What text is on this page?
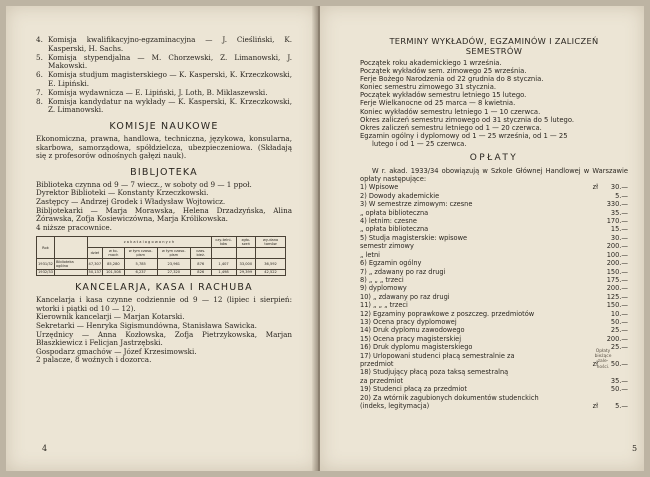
4. Komisja kwalifikacyjno-egzaminacyjna — J. Cieśliński, K. Kasperski, H. Sachs.
5. Komisja stypendjalna — M. Chorzewski, Z. Limanowski, J. Makowski.
6. Komisja studjum magisterskiego — K. Kasperski, K. Krzeczkowski, E. Lipiński.
7. Komisja wydawnicza — E. Lipiński, J. Loth, B. Miklaszewski.
8. Komisja kandydatur na wykłady — K. Kasperski, K. Krzeczkowski, Z. Limanowski.
KOMISJE NAUKOWE
Ekonomiczna, prawna, handlowa, techniczna, językowa, konsularna, skarbowa, samorządowa, spółdzielcza, ubezpieczeniowa. (Składają się z profesorów odnośnych gałęzi nauk).
BIBLJOTEKA
Biblioteka czynna od 9 — 7 wiecz., w soboty od 9 — 1 ppoł.
Dyrektor Biblioteki — Konstanty Krzeczkowski.
Zastępcy — Andrzej Grodek i Władysław Wojtowicz.
Bibljotekarki — Marja Morawska, Helena Drzadzyńska, Alina Żórawska, Zofja Kosiewiczówna, Marja Królikowska.
4 niższe pracownice.
Rok		z a k a t a l o g o w a n y c h					czy-telni-ków	zgło-szeń	wy-dano tomów
		dzieł	w to-mach	w tym czaso-pism	w tym czaso-pism	czas. bież.			
1931/32	Biblioteka ogólna	47,307	85,280	5,785	23,961	876	1,407	33,000	36,592
1932/33		50,137	101,508	6,237	27,320	826	1,498	29,399	42,522
KANCELARJA, KASA I RACHUBA
Kancelarja i kasa czynne codziennie od 9 — 12 (lipiec i sierpień: wtorki i piątki od 10 — 12).
Kierownik kancelarji — Marjan Kotarski.
Sekretarki — Henryka Sigismundówna, Stanisława Sawicka.
Urzędnicy — Anna Kozłowska, Zofja Pietrzykowska, Marjan Błaszkiewicz i Felicjan Jastrzębski.
Gospodarz gmachów — Józef Krzesimowski.
2 palacze, 8 woźnych i dozorca.
4
TERMINY WYKŁADÓW, EGZAMINÓW I ZALICZEŃ
SEMESTRÓW
Początek roku akademickiego 1 września.
Początek wykładów sem. zimowego 25 września.
Ferje Bożego Narodzenia od 22 grudnia do 8 stycznia.
Koniec semestru zimowego 31 stycznia.
Początek wykładów semestru letniego 15 lutego.
Ferje Wielkanocne od 25 marca — 8 kwietnia.
Koniec wykładów semestru letniego 1 — 10 czerwca.
Okres zaliczeń semestru zimowego od 31 stycznia do 5 lutego.
Okres zaliczeń semestru letniego od 1 — 20 czerwca.
Egzamin ogólny i dyplomowy od 1 — 25 września, od 1 — 25
lutego i od 1 — 25 czerwca.
OPŁATY
W r. akad. 1933/34 obowiązują w Szkole Głównej Handlowej w Warszawie opłaty następujące:
1) Wpisowe	zł	30.—
2) Dowody akademickie	5.—
3) W semestrze zimowym: czesne	330.—
„ opłata biblioteczna	35.—
4) letnim: czesne	170.—
„ opłata biblioteczna	15.—
5) Studja magisterskie: wpisowe	30.—
semestr zimowy	200.—
„ letni	100.—
6) Egzamin ogólny	200.—
7) „ zdawany po raz drugi	150.—
8) „ „ „ trzeci	175.—
9) dyplomowy	200.—
10) „ zdawany po raz drugi	125.—
11) „ „ „ trzeci	150.—
12) Egzaminy poprawkowe z poszczeg. przedmiotów	10.—
13) Ocena pracy dyplomowej	50.—
14) Druk dyplomu zawodowego	25.—
15) Ocena pracy magisterskiej	200.—
16) Druk dyplomu magisterskiego	25.—
17) Urlopowani studenci płacą semestralnie za
przedmiot	zł	50.—
18) Studjujący płacą poza taksą semestralną
za przedmiot	35.—
19) Studenci płacą za przedmiot	50.—
20) Za wtórnik zagubionych dokumentów studenckich
(indeks, legitymacja)	zł	5.—
Opłaty bieżące zale-ności.
5
